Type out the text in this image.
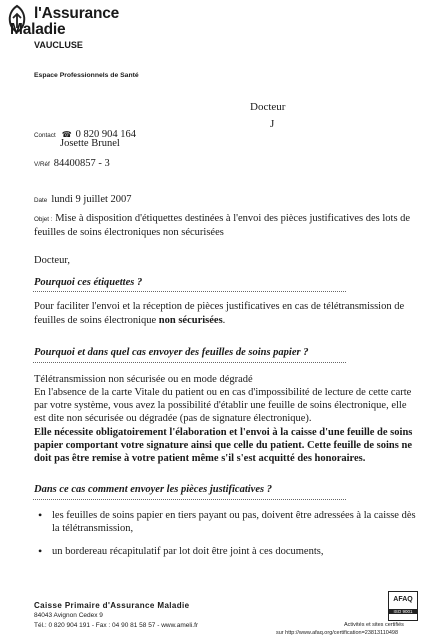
l'Assurance
Maladie
VAUCLUSE
Espace Professionnels de Santé
Docteur
J
Contact ☎ 0 820 904 164
Josette Brunel
V/Réf 84400857 - 3
Date lundi 9 juillet 2007
Objet : Mise à disposition d'étiquettes destinées à l'envoi des pièces justificatives des lots de
feuilles de soins électroniques non sécurisées
Docteur,
Pourquoi ces étiquettes ?
Pour faciliter l'envoi et la réception de pièces justificatives en cas de télétransmission de
feuilles de soins électronique non sécurisées.
Pourquoi et dans quel cas envoyer des feuilles de soins papier ?
Télétransmission non sécurisée ou en mode dégradé
En l'absence de la carte Vitale du patient ou en cas d'impossibilité de lecture de cette carte
par votre système, vous avez la possibilité d'établir une feuille de soins électronique, elle
est dite non sécurisée ou dégradée (pas de signature électronique).
Elle nécessite obligatoirement l'élaboration et l'envoi à la caisse d'une feuille de soins
papier comportant votre signature ainsi que celle du patient. Cette feuille de soins ne
doit pas être remise à votre patient même s'il s'est acquitté des honoraires.
Dans ce cas comment envoyer les pièces justificatives ?
• les feuilles de soins papier en tiers payant ou pas, doivent être adressées à la caisse dès
la télétransmission,
• un bordereau récapitulatif par lot doit être joint à ces documents,
Caisse Primaire d'Assurance Maladie
84043 Avignon Cedex 9
Tél.: 0 820 904 191 - Fax : 04 90 81 58 57 - www.ameli.fr
AFAQ
ISO 9001
Activités et sites certifiés
sur http://www.afaq.org/certification=23813110498
